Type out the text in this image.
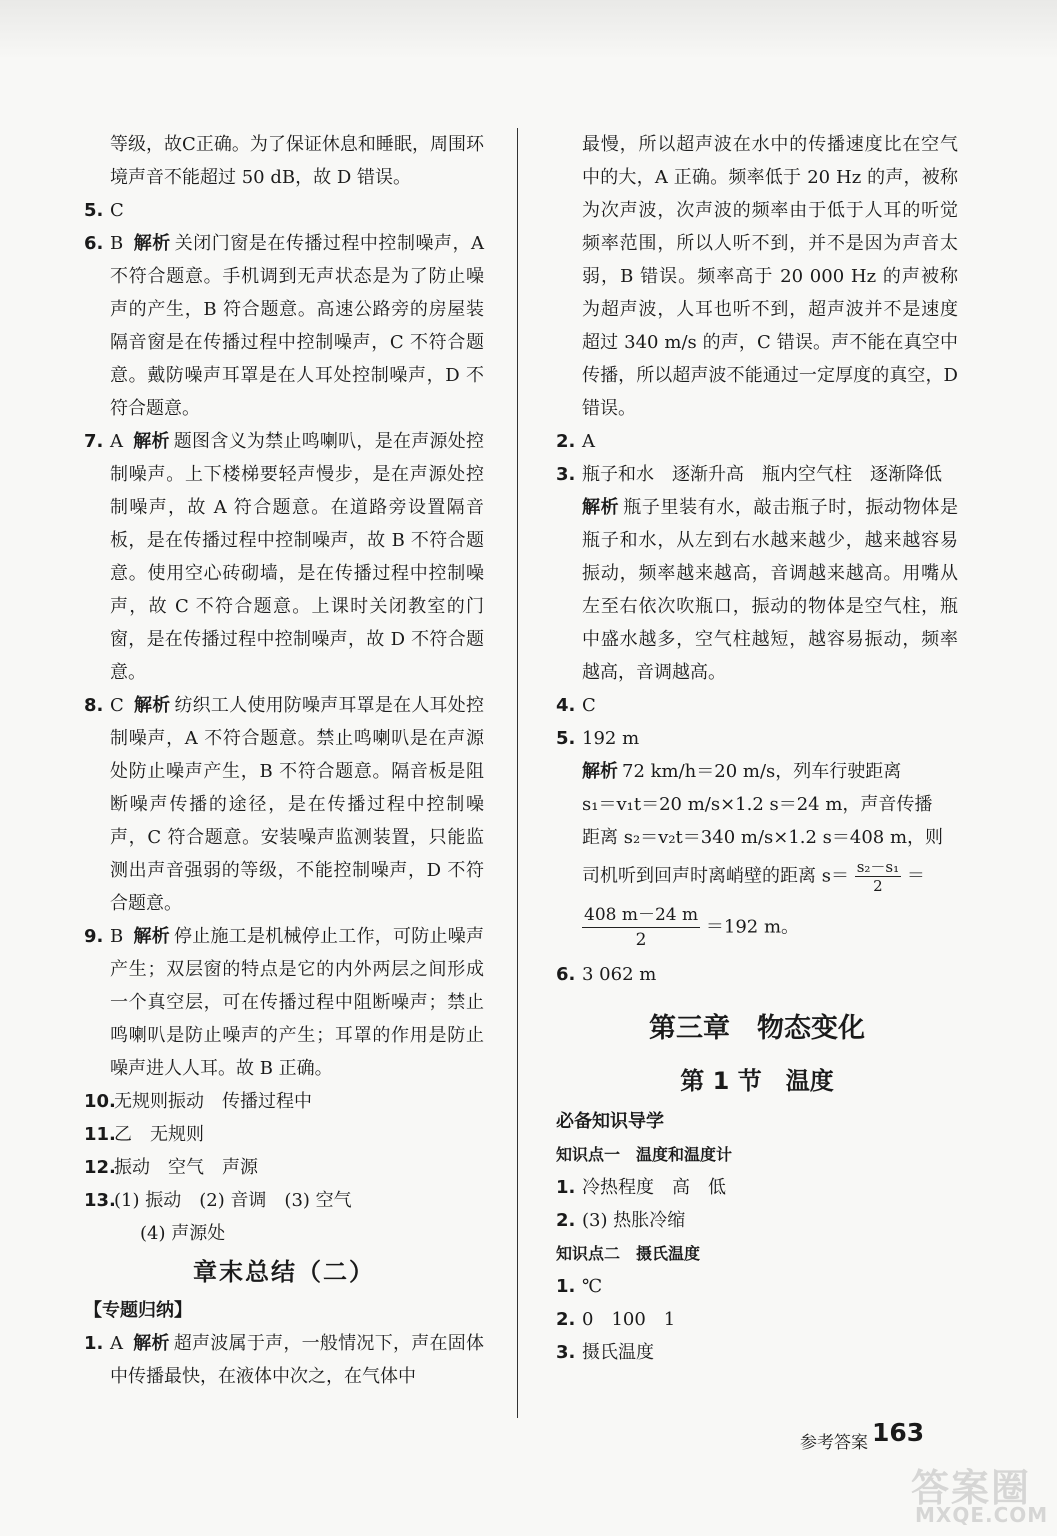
等级，故C正确。为了保证休息和睡眠，周围环境声音不能超过 50 dB，故 D 错误。
5. C
6. B 解析 关闭门窗是在传播过程中控制噪声，A 不符合题意。手机调到无声状态是为了防止噪声的产生，B 符合题意。高速公路旁的房屋装隔音窗是在传播过程中控制噪声，C 不符合题意。戴防噪声耳罩是在人耳处控制噪声，D 不符合题意。
7. A 解析 题图含义为禁止鸣喇叭，是在声源处控制噪声。上下楼梯要轻声慢步，是在声源处控制噪声，故 A 符合题意。在道路旁设置隔音板，是在传播过程中控制噪声，故 B 不符合题意。使用空心砖砌墙，是在传播过程中控制噪声，故 C 不符合题意。上课时关闭教室的门窗，是在传播过程中控制噪声，故 D 不符合题意。
8. C 解析 纺织工人使用防噪声耳罩是在人耳处控制噪声，A 不符合题意。禁止鸣喇叭是在声源处防止噪声产生，B 不符合题意。隔音板是阻断噪声传播的途径，是在传播过程中控制噪声，C 符合题意。安装噪声监测装置，只能监测出声音强弱的等级，不能控制噪声，D 不符合题意。
9. B 解析 停止施工是机械停止工作，可防止噪声产生；双层窗的特点是它的内外两层之间形成一个真空层，可在传播过程中阻断噪声；禁止鸣喇叭是防止噪声的产生；耳罩的作用是防止噪声进人人耳。故 B 正确。
10.
无规则振动　传播过程中
11.
乙　无规则
12.
振动　空气　声源
13.
(1) 振动　(2) 音调　(3) 空气
(4) 声源处
章末总结（二）
【专题归纳】
1. A 解析 超声波属于声，一般情况下，声在固体中传播最快，在液体中次之，在气体中
最慢，所以超声波在水中的传播速度比在空气中的大，A 正确。频率低于 20 Hz 的声，被称为次声波，次声波的频率由于低于人耳的听觉频率范围，所以人听不到，并不是因为声音太弱，B 错误。频率高于 20 000 Hz 的声被称为超声波，人耳也听不到，超声波并不是速度超过 340 m/s 的声，C 错误。声不能在真空中传播，所以超声波不能通过一定厚度的真空，D 错误。
2. A
3. 瓶子和水　逐渐升高　瓶内空气柱　逐渐降低
解析 瓶子里装有水，敲击瓶子时，振动物体是瓶子和水，从左到右水越来越少，越来越容易振动，频率越来越高，音调越来越高。用嘴从左至右依次吹瓶口，振动的物体是空气柱，瓶中盛水越多，空气柱越短，越容易振动，频率越高，音调越高。
4. C
5. 192 m
解析 72 km/h＝20 m/s，列车行驶距离
s₁＝v₁t＝20 m/s×1.2 s＝24 m，声音传播
距离 s₂＝v₂t＝340 m/s×1.2 s＝408 m，则
司机听到回声时离峭壁的距离 $s= \frac{\text{s₂－s₁}}{2}$ ＝
$\frac{408 m-24 m}{2} =192$ m。
6. 3 062 m
第三章　物态变化
第 1 节　温度
必备知识导学
知识点一　温度和温度计
1. 冷热程度　高　低
2. (3) 热胀冷缩
知识点二　摄氏温度
1. ℃
2. 0　100　1
3. 摄氏温度
参考答案 163
答案圈
MXQE.COM
